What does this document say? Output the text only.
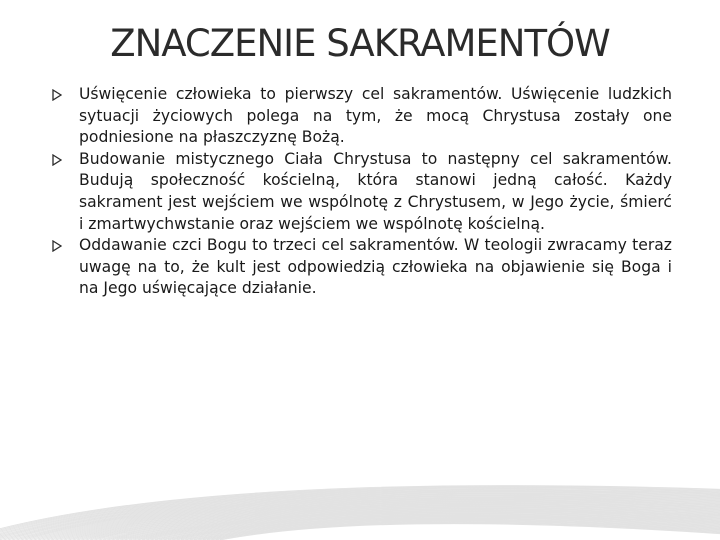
ZNACZENIE SAKRAMENTÓW
Uświęcenie człowieka to pierwszy cel sakramentów. Uświęcenie ludzkich sytuacji życiowych polega na tym, że mocą Chrystusa zostały one podniesione na płaszczyznę Bożą.
Budowanie mistycznego Ciała Chrystusa to następny cel sakramentów. Budują społeczność kościelną, która stanowi jedną całość. Każdy sakrament jest wejściem we wspólnotę z Chrystusem, w Jego życie, śmierć i zmartwychwstanie oraz wejściem we wspólnotę kościelną.
Oddawanie czci Bogu to trzeci cel sakramentów. W teologii zwracamy teraz uwagę na to, że kult jest odpowiedzią człowieka na objawienie się Boga i na Jego uświęcające działanie.
